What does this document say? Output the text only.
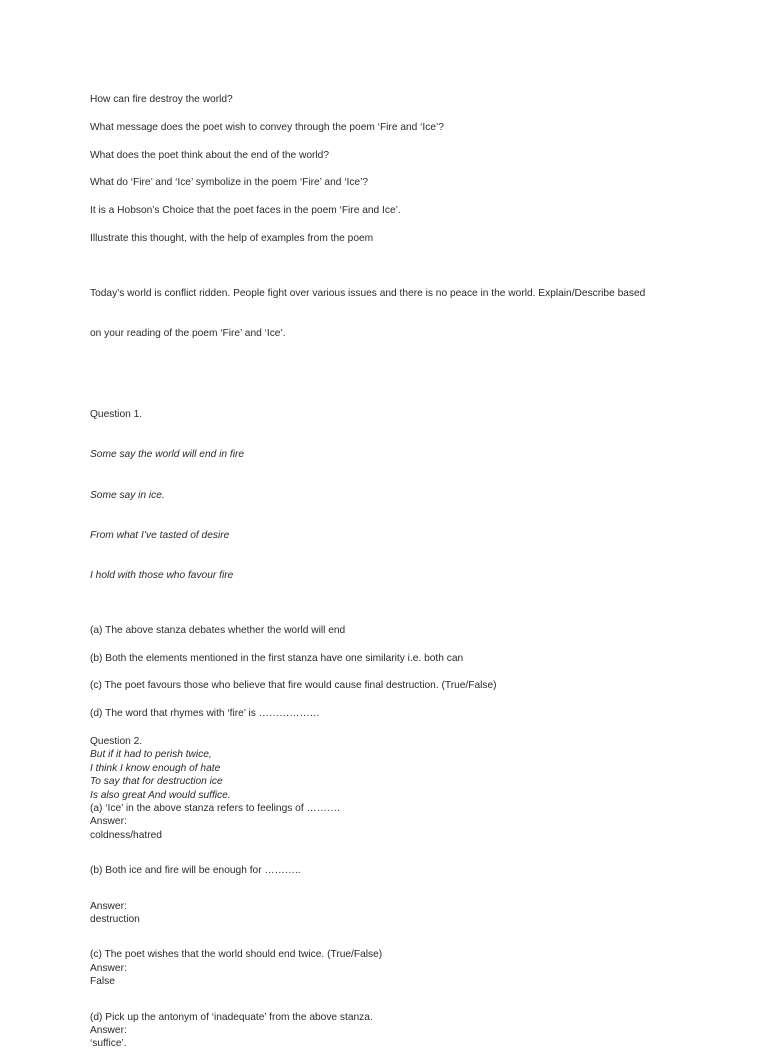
How can fire destroy the world?
What message does the poet wish to convey through the poem ‘Fire and ‘Ice’?
What does the poet think about the end of the world?
What do ‘Fire’ and ‘Ice’ symbolize in the poem ‘Fire’ and ‘Ice’?
It is a Hobson’s Choice that the poet faces in the poem ‘Fire and Ice’.
Illustrate this thought, with the help of examples from the poem

Today’s world is conflict ridden. People fight over various issues and there is no peace in the world. Explain/Describe based

on your reading of the poem ‘Fire’ and ‘Ice’.

Question 1.

Some say the world will end in fire

Some say in ice.

From what I’ve tasted of desire

I hold with those who favour fire

(a) The above stanza debates whether the world will end
(b) Both the elements mentioned in the first stanza have one similarity i.e. both can
(c) The poet favours those who believe that fire would cause final destruction. (True/False)
(d) The word that rhymes with ‘fire’ is ………………
Question 2.
But if it had to perish twice,
I think I know enough of hate
To say that for destruction ice
Is also great And would suffice.
(a) ‘Ice’ in the above stanza refers to feelings of ……….
Answer:
coldness/hatred
(b) Both ice and fire will be enough for ………..
Answer:
destruction
(c) The poet wishes that the world should end twice. (True/False)
Answer:
False
(d) Pick up the antonym of ‘inadequate’ from the above stanza.
Answer:
‘suffice’.
